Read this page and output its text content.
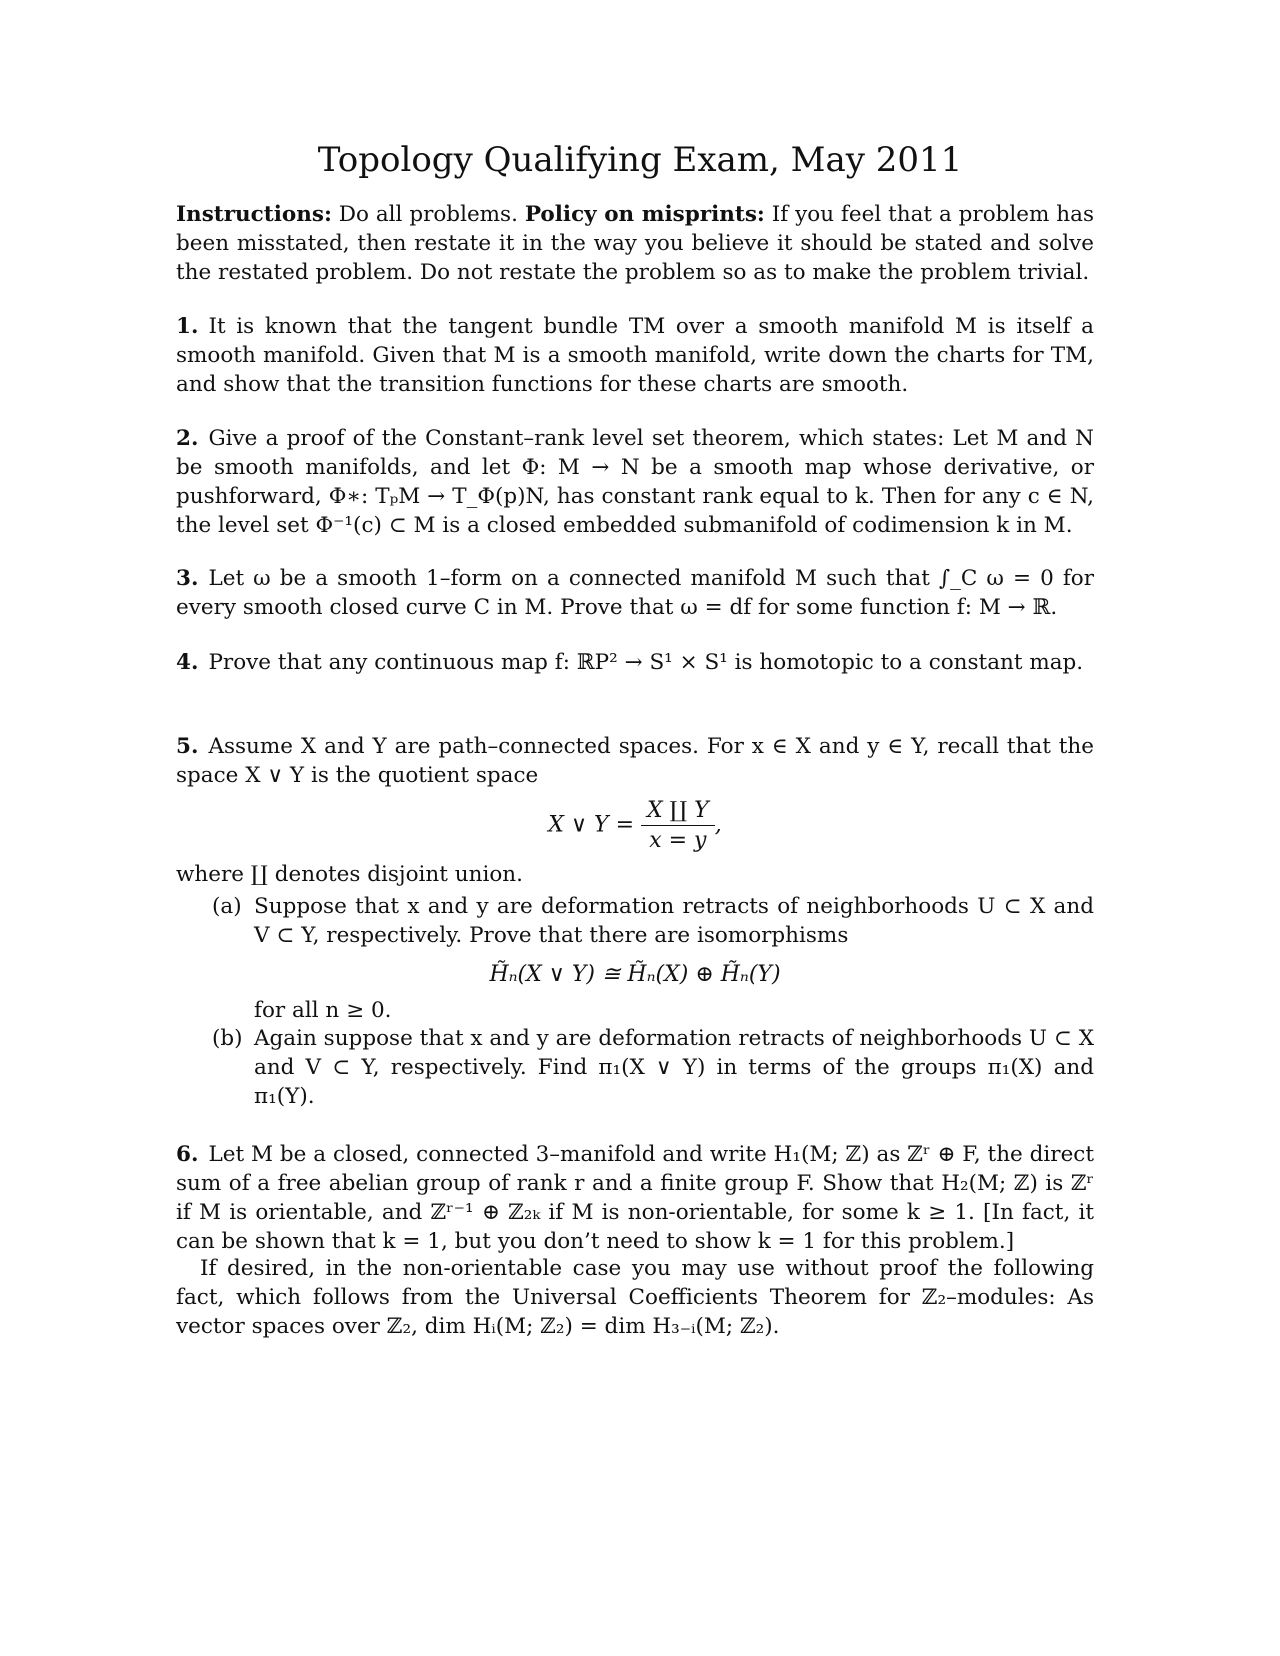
Topology Qualifying Exam, May 2011

Instructions: Do all problems. Policy on misprints: If you feel that a problem has been misstated, then restate it in the way you believe it should be stated and solve the restated problem. Do not restate the problem so as to make the problem trivial.

1. It is known that the tangent bundle TM over a smooth manifold M is itself a smooth manifold. Given that M is a smooth manifold, write down the charts for TM, and show that the transition functions for these charts are smooth.

2. Give a proof of the Constant–rank level set theorem, which states: Let M and N be smooth manifolds, and let Φ: M → N be a smooth map whose derivative, or pushforward, Φ∗: TₚM → T_Φ(p)N, has constant rank equal to k. Then for any c ∈ N, the level set Φ⁻¹(c) ⊂ M is a closed embedded submanifold of codimension k in M.

3. Let ω be a smooth 1–form on a connected manifold M such that ∫_C ω = 0 for every smooth closed curve C in M. Prove that ω = df for some function f: M → ℝ.

4. Prove that any continuous map f: ℝP² → S¹ × S¹ is homotopic to a constant map.

5. Assume X and Y are path–connected spaces. For x ∈ X and y ∈ Y, recall that the space X ∨ Y is the quotient space

X ∨ $Y = \frac{X ∐ Y}{x = y}$ ,

where ∐ denotes disjoint union.

(a) Suppose that x and y are deformation retracts of neighborhoods U ⊂ X and V ⊂ Y, respectively. Prove that there are isomorphisms
H̃ₙ(X ∨ Y) ≅ H̃ₙ(X) ⊕ H̃ₙ(Y)
for all n ≥ 0.
(b) Again suppose that x and y are deformation retracts of neighborhoods U ⊂ X and V ⊂ Y, respectively. Find π₁(X ∨ Y) in terms of the groups π₁(X) and π₁(Y).

6. Let M be a closed, connected 3–manifold and write H₁(M; ℤ) as ℤʳ ⊕ F, the direct sum of a free abelian group of rank r and a finite group F. Show that H₂(M; ℤ) is ℤʳ if M is orientable, and ℤʳ⁻¹ ⊕ ℤ₂ₖ if M is non-orientable, for some k ≥ 1. [In fact, it can be shown that k = 1, but you don’t need to show k = 1 for this problem.]

If desired, in the non-orientable case you may use without proof the following fact, which follows from the Universal Coefficients Theorem for ℤ₂–modules: As vector spaces over ℤ₂, dim Hᵢ(M; ℤ₂) = dim H₃₋ᵢ(M; ℤ₂).
